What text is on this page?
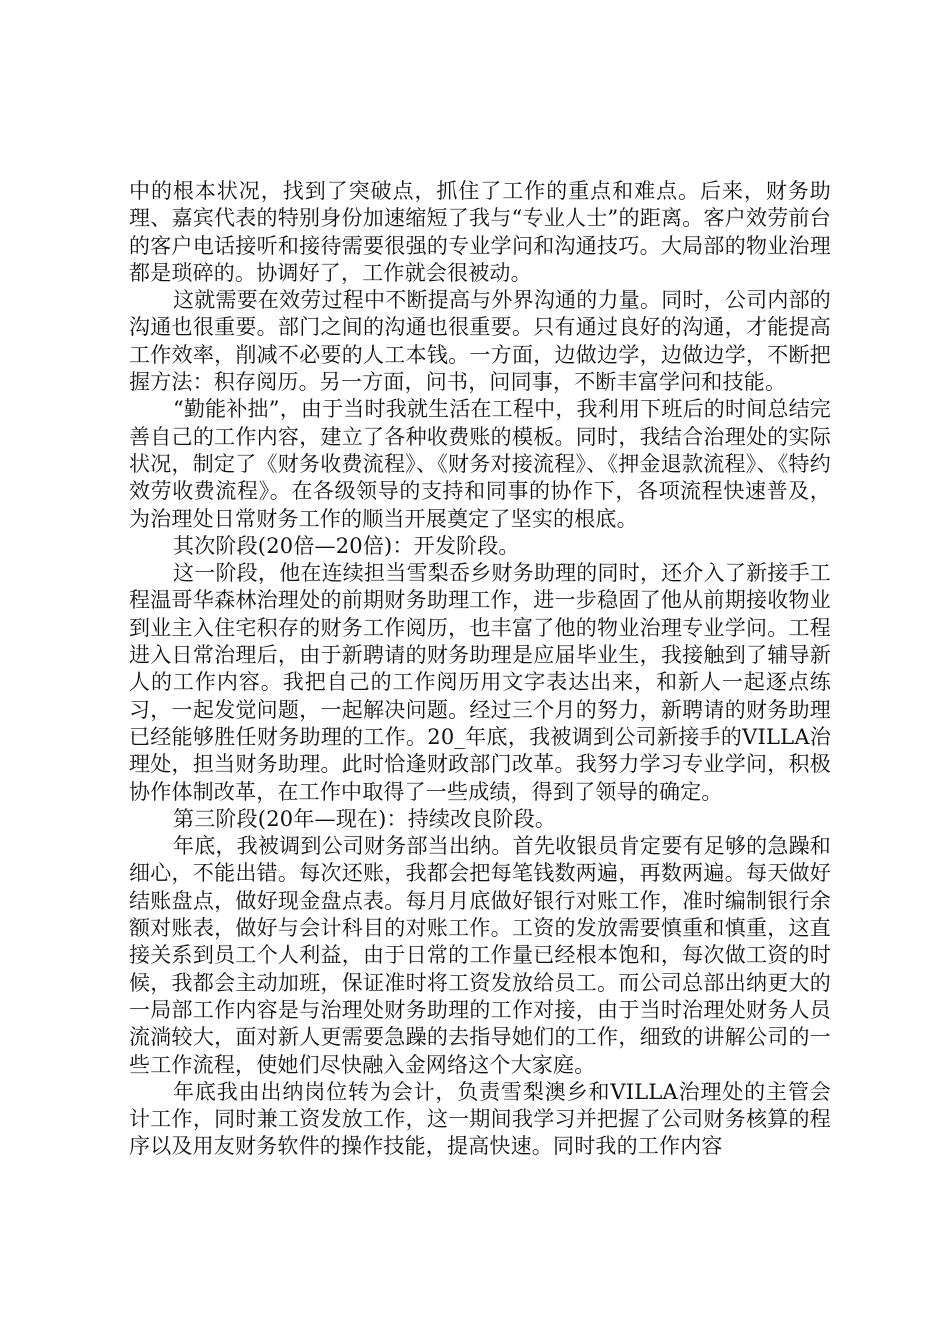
中的根本状况，找到了突破点，抓住了工作的重点和难点。后来，财务助理、嘉宾代表的特别身份加速缩短了我与“专业人士”的距离。客户效劳前台的客户电话接听和接待需要很强的专业学问和沟通技巧。大局部的物业治理都是琐碎的。协调好了，工作就会很被动。

这就需要在效劳过程中不断提高与外界沟通的力量。同时，公司内部的沟通也很重要。部门之间的沟通也很重要。只有通过良好的沟通，才能提高工作效率，削减不必要的人工本钱。一方面，边做边学，边做边学，不断把握方法：积存阅历。另一方面，问书，问同事，不断丰富学问和技能。

“勤能补拙”，由于当时我就生活在工程中，我利用下班后的时间总结完善自己的工作内容，建立了各种收费账的模板。同时，我结合治理处的实际状况，制定了《财务收费流程》、《财务对接流程》、《押金退款流程》、《特约效劳收费流程》。在各级领导的支持和同事的协作下，各项流程快速普及，为治理处日常财务工作的顺当开展奠定了坚实的根底。

其次阶段(20倍—20倍)：开发阶段。

这一阶段，他在连续担当雪梨岙乡财务助理的同时，还介入了新接手工程温哥华森林治理处的前期财务助理工作，进一步稳固了他从前期接收物业到业主入住宅积存的财务工作阅历，也丰富了他的物业治理专业学问。工程进入日常治理后，由于新聘请的财务助理是应届毕业生，我接触到了辅导新人的工作内容。我把自己的工作阅历用文字表达出来，和新人一起逐点练习，一起发觉问题，一起解决问题。经过三个月的努力，新聘请的财务助理已经能够胜任财务助理的工作。20_年底，我被调到公司新接手的VILLA治理处，担当财务助理。此时恰逢财政部门改革。我努力学习专业学问，积极协作体制改革，在工作中取得了一些成绩，得到了领导的确定。

第三阶段(20年—现在)：持续改良阶段。

年底，我被调到公司财务部当出纳。首先收银员肯定要有足够的急躁和细心，不能出错。每次还账，我都会把每笔钱数两遍，再数两遍。每天做好结账盘点，做好现金盘点表。每月月底做好银行对账工作，准时编制银行余额对账表，做好与会计科目的对账工作。工资的发放需要慎重和慎重，这直接关系到员工个人利益，由于日常的工作量已经根本饱和，每次做工资的时候，我都会主动加班，保证准时将工资发放给员工。而公司总部出纳更大的一局部工作内容是与治理处财务助理的工作对接，由于当时治理处财务人员流淌较大，面对新人更需要急躁的去指导她们的工作，细致的讲解公司的一些工作流程，使她们尽快融入金网络这个大家庭。

年底我由出纳岗位转为会计，负责雪梨澳乡和VILLA治理处的主管会计工作，同时兼工资发放工作，这一期间我学习并把握了公司财务核算的程序以及用友财务软件的操作技能，提高快速。同时我的工作内容
